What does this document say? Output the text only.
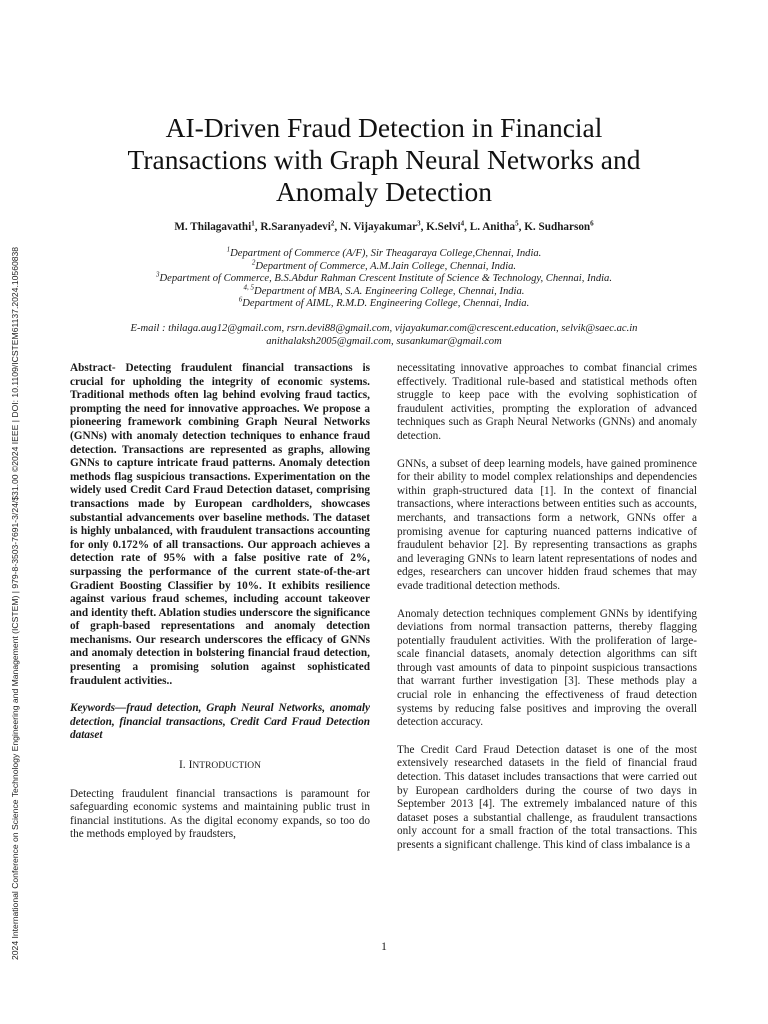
2024 International Conference on Science Technology Engineering and Management (ICSTEM) | 979-8-3503-7691-3/24/$31.00 ©2024 IEEE | DOI: 10.1109/ICSTEM61137.2024.10560838
AI-Driven Fraud Detection in Financial
Transactions with Graph Neural Networks and
Anomaly Detection
M. Thilagavathi$^1$, R.Saranyadevi$^2$, N. Vijayakumar$^3$, K.Selvi$^4$, L. Anitha$^5$, K. Sudharson$^6$
$^1$Department of Commerce (A/F), Sir Theagaraya College,Chennai, India.
$^2$Department of Commerce, A.M.Jain College, Chennai, India.
$^3$Department of Commerce, B.S.Abdur Rahman Crescent Institute of Science & Technology, Chennai, India.
$^{4, 5}$Department of MBA, S.A. Engineering College, Chennai, India.
$^6$Department of AIML, R.M.D. Engineering College, Chennai, India.
E-mail : thilaga.aug12@gmail.com, rsrn.devi88@gmail.com, vijayakumar.com@crescent.education, selvik@saec.ac.in
anithalaksh2005@gmail.com, susankumar@gmail.com

Abstract- Detecting fraudulent financial transactions is crucial for upholding the integrity of economic systems. Traditional methods often lag behind evolving fraud tactics, prompting the need for innovative approaches. We propose a pioneering framework combining Graph Neural Networks (GNNs) with anomaly detection techniques to enhance fraud detection. Transactions are represented as graphs, allowing GNNs to capture intricate fraud patterns. Anomaly detection methods flag suspicious transactions. Experimentation on the widely used Credit Card Fraud Detection dataset, comprising transactions made by European cardholders, showcases substantial advancements over baseline methods. The dataset is highly unbalanced, with fraudulent transactions accounting for only 0.172% of all transactions. Our approach achieves a detection rate of 95% with a false positive rate of 2%, surpassing the performance of the current state-of-the-art Gradient Boosting Classifier by 10%. It exhibits resilience against various fraud schemes, including account takeover and identity theft. Ablation studies underscore the significance of graph-based representations and anomaly detection mechanisms. Our research underscores the efficacy of GNNs and anomaly detection in bolstering financial fraud detection, presenting a promising solution against sophisticated fraudulent activities..

Keywords—fraud detection, Graph Neural Networks, anomaly detection, financial transactions, Credit Card Fraud Detection dataset

I. INTRODUCTION

Detecting fraudulent financial transactions is paramount for safeguarding economic systems and maintaining public trust in financial institutions. As the digital economy expands, so too do the methods employed by fraudsters,

necessitating innovative approaches to combat financial crimes effectively. Traditional rule-based and statistical methods often struggle to keep pace with the evolving sophistication of fraudulent activities, prompting the exploration of advanced techniques such as Graph Neural Networks (GNNs) and anomaly detection.

GNNs, a subset of deep learning models, have gained prominence for their ability to model complex relationships and dependencies within graph-structured data [1]. In the context of financial transactions, where interactions between entities such as accounts, merchants, and transactions form a network, GNNs offer a promising avenue for capturing nuanced patterns indicative of fraudulent behavior [2]. By representing transactions as graphs and leveraging GNNs to learn latent representations of nodes and edges, researchers can uncover hidden fraud schemes that may evade traditional detection methods.

Anomaly detection techniques complement GNNs by identifying deviations from normal transaction patterns, thereby flagging potentially fraudulent activities. With the proliferation of large-scale financial datasets, anomaly detection algorithms can sift through vast amounts of data to pinpoint suspicious transactions that warrant further investigation [3]. These methods play a crucial role in enhancing the effectiveness of fraud detection systems by reducing false positives and improving the overall detection accuracy.

The Credit Card Fraud Detection dataset is one of the most extensively researched datasets in the field of financial fraud detection. This dataset includes transactions that were carried out by European cardholders during the course of two days in September 2013 [4]. The extremely imbalanced nature of this dataset poses a substantial challenge, as fraudulent transactions only account for a small fraction of the total transactions. This presents a significant challenge. This kind of class imbalance is a

1
